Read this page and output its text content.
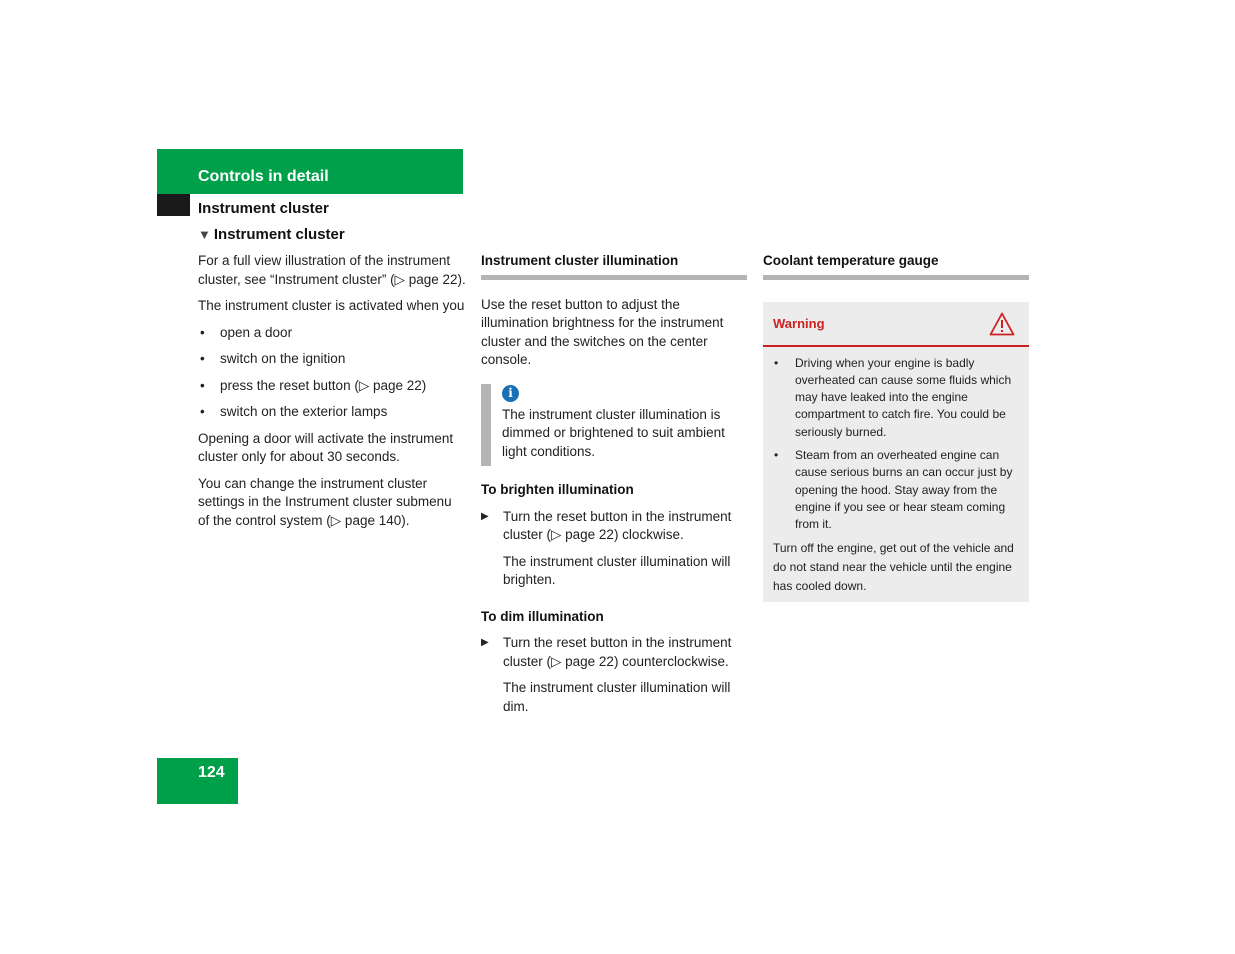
Controls in detail
Instrument cluster
▼ Instrument cluster

For a full view illustration of the instrument cluster, see “Instrument cluster” (▷ page 22).

The instrument cluster is activated when you

• open a door
• switch on the ignition
• press the reset button (▷ page 22)
• switch on the exterior lamps

Opening a door will activate the instrument cluster only for about 30 seconds.

You can change the instrument cluster settings in the Instrument cluster submenu of the control system (▷ page 140).

Instrument cluster illumination

Use the reset button to adjust the illumination brightness for the instrument cluster and the switches on the center console.

i
The instrument cluster illumination is dimmed or brightened to suit ambient light conditions.
To brighten illumination
▶ Turn the reset button in the instrument cluster (▷ page 22) clockwise.
The instrument cluster illumination will brighten.
To dim illumination
▶ Turn the reset button in the instrument cluster (▷ page 22) counterclockwise.
The instrument cluster illumination will dim.
Coolant temperature gauge
Warning
• Driving when your engine is badly overheated can cause some fluids which may have leaked into the engine compartment to catch fire. You could be seriously burned.
• Steam from an overheated engine can cause serious burns an can occur just by opening the hood. Stay away from the engine if you see or hear steam coming from it.
Turn off the engine, get out of the vehicle and do not stand near the vehicle until the engine has cooled down.
124
